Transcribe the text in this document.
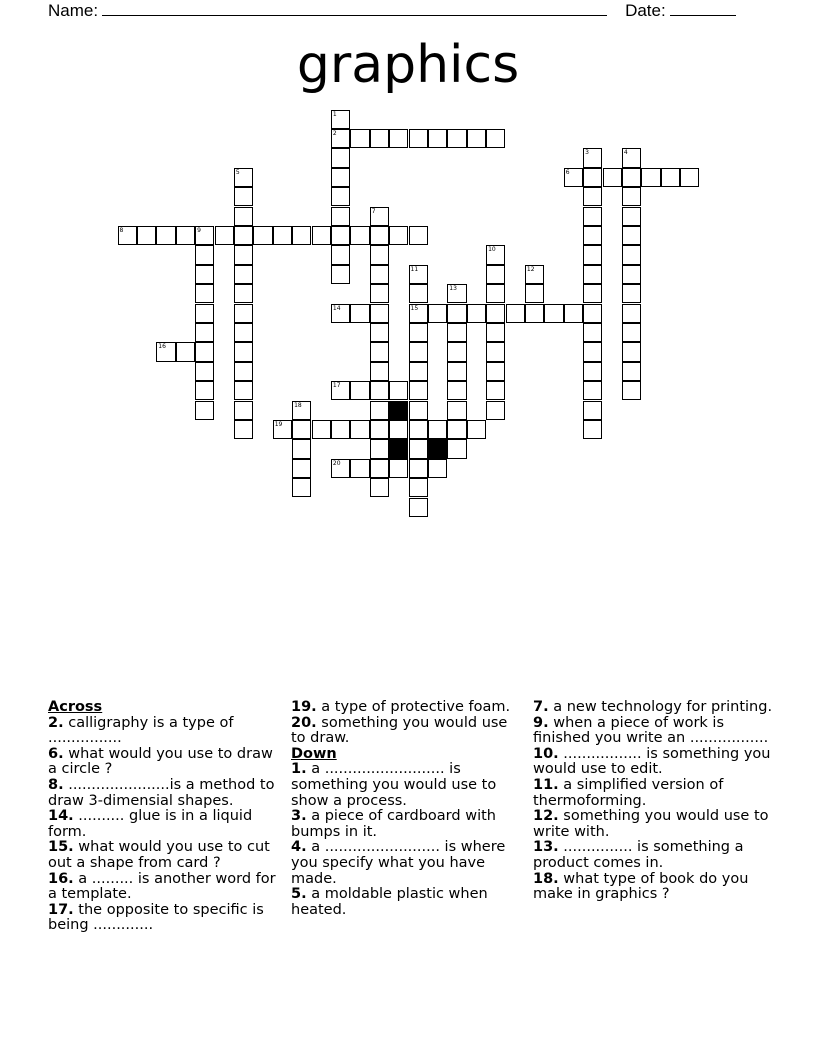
Name:	Date:
graphics
1
2
3	4
5	6
7
8	9
10
11	12
13
14	15
16
17
18
19
20
Across
2. calligraphy is a type of ................
6. what would you use to draw a circle ?
8. ......................is a method to draw 3-dimensial shapes.
14. .......... glue is in a liquid form.
15. what would you use to cut out a shape from card ?
16. a ......... is another word for a template.
17. the opposite to specific is being .............
19. a type of protective foam.
20. something you would use to draw.
Down
1. a .......................... is something you would use to show a process.
3. a piece of cardboard with bumps in it.
4. a ......................... is where you specify what you have made.
5. a moldable plastic when heated.
7. a new technology for printing.
9. when a piece of work is finished you write an .................
10. ................. is something you would use to edit.
11. a simplified version of thermoforming.
12. something you would use to write with.
13. ............... is something a product comes in.
18. what type of book do you make in graphics ?
